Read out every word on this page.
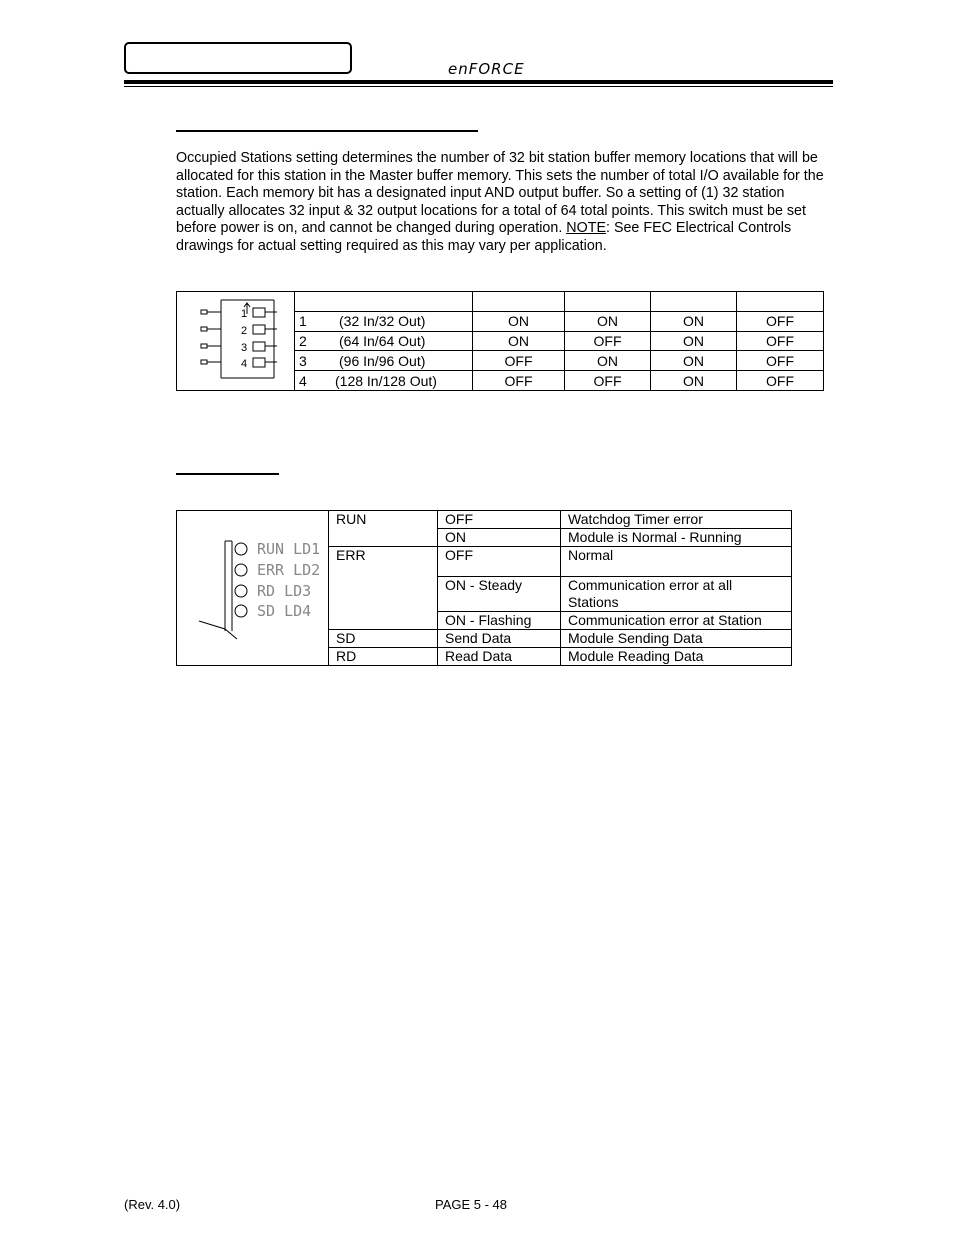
enFORCE
Occupied Stations setting determines the number of 32 bit station buffer memory locations that will be allocated for this station in the Master buffer memory. This sets the number of total I/O available for the station. Each memory bit has a designated input AND output buffer. So a setting of (1) 32 station actually allocates 32 input & 32 output locations for a total of 64 total points. This switch must be set before power is on, and cannot be changed during operation. NOTE: See FEC Electrical Controls drawings for actual setting required as this may vary per application.
1
2
3
4					

	1 (32 In/32 Out)	ON	ON	ON	OFF
	2 (64 In/64 Out)	ON	OFF	ON	OFF
	3 (96 In/96 Out)	OFF	ON	ON	OFF
	4 (128 In/128 Out)	OFF	OFF	ON	OFF
RUN LD1
ERR LD2
RD LD3
SD LD4	RUN	OFF	Watchdog Timer error
		ON	Module is Normal - Running
	ERR	OFF	Normal
		ON - Steady	Communication error at all Stations
		ON - Flashing	Communication error at Station
	SD	Send Data	Module Sending Data
	RD	Read Data	Module Reading Data
(Rev. 4.0)	PAGE 5 - 48
